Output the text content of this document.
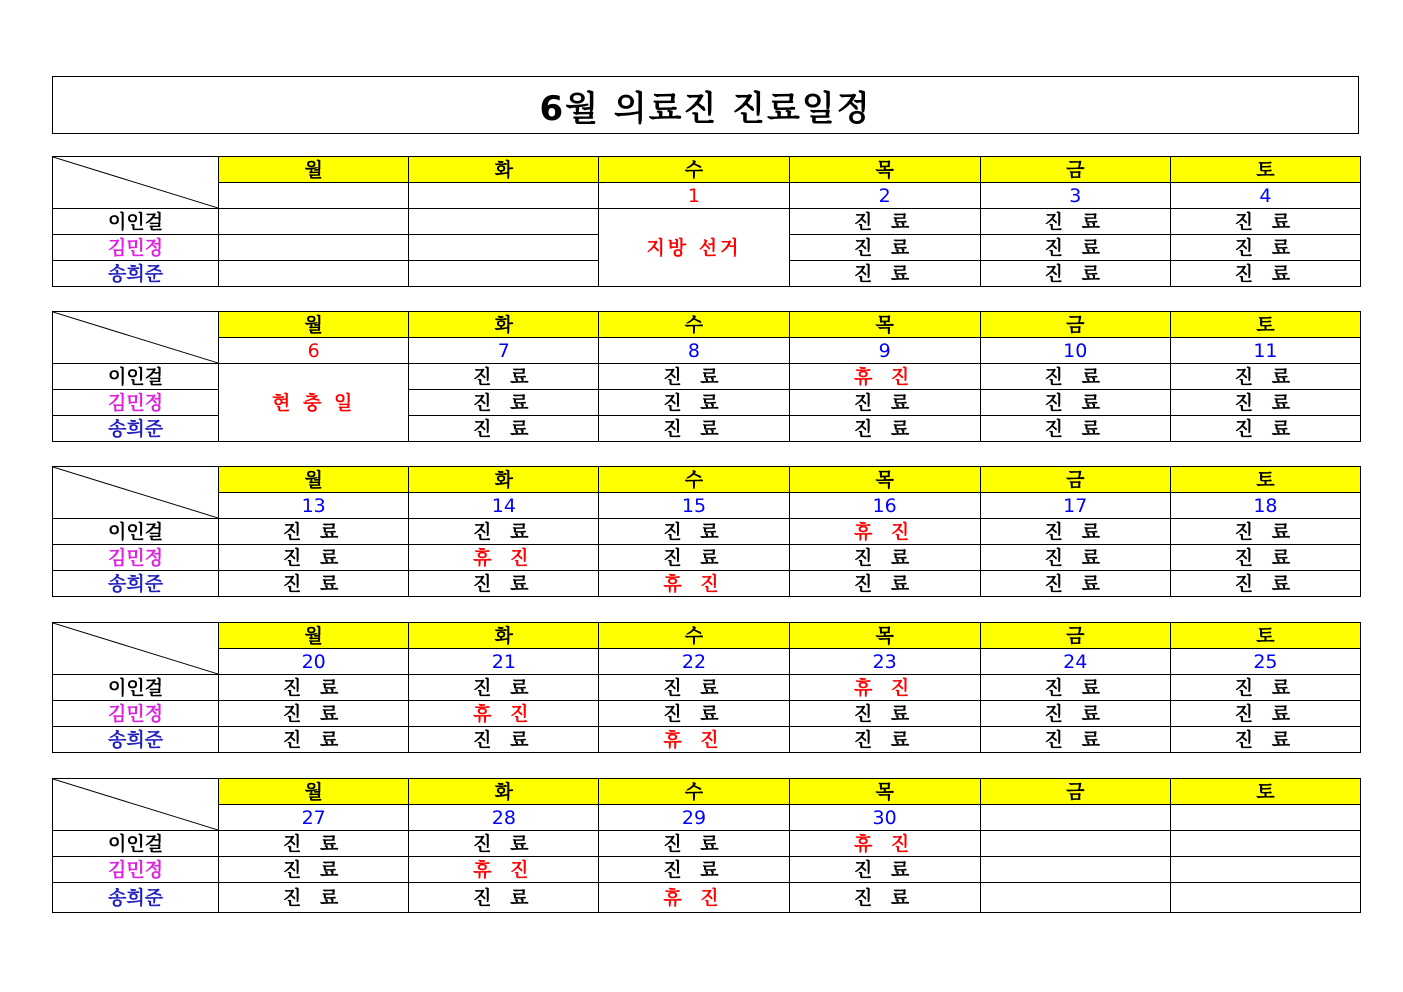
6월 의료진 진료일정
	월	화	수	목	금	토
			1	2	3	4
이인걸			지방 선거	진 료	진 료	진 료
김민정				진 료	진 료	진 료
송희준				진 료	진 료	진 료
	월	화	수	목	금	토
	6	7	8	9	10	11
이인걸	현 충 일	진 료	진 료	휴 진	진 료	진 료
김민정		진 료	진 료	진 료	진 료	진 료
송희준		진 료	진 료	진 료	진 료	진 료
	월	화	수	목	금	토
	13	14	15	16	17	18
이인걸	진 료	진 료	진 료	휴 진	진 료	진 료
김민정	진 료	휴 진	진 료	진 료	진 료	진 료
송희준	진 료	진 료	휴 진	진 료	진 료	진 료
	월	화	수	목	금	토
	20	21	22	23	24	25
이인걸	진 료	진 료	진 료	휴 진	진 료	진 료
김민정	진 료	휴 진	진 료	진 료	진 료	진 료
송희준	진 료	진 료	휴 진	진 료	진 료	진 료
	월	화	수	목	금	토
	27	28	29	30		
이인걸	진 료	진 료	진 료	휴 진		
김민정	진 료	휴 진	진 료	진 료		
송희준	진 료	진 료	휴 진	진 료		
